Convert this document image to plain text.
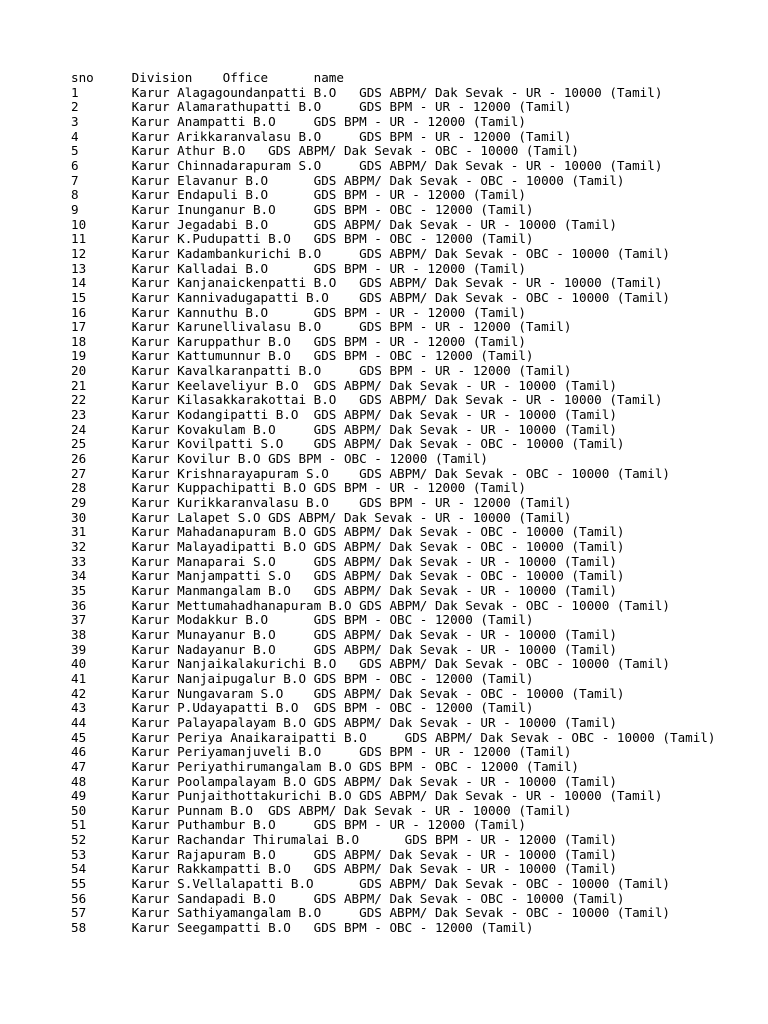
sno     Division    Office      name
1       Karur Alagagoundanpatti B.O   GDS ABPM/ Dak Sevak - UR - 10000 (Tamil)
2       Karur Alamarathupatti B.O     GDS BPM - UR - 12000 (Tamil)
3       Karur Anampatti B.O     GDS BPM - UR - 12000 (Tamil)
4       Karur Arikkaranvalasu B.O     GDS BPM - UR - 12000 (Tamil)
5       Karur Athur B.O   GDS ABPM/ Dak Sevak - OBC - 10000 (Tamil)
6       Karur Chinnadarapuram S.O     GDS ABPM/ Dak Sevak - UR - 10000 (Tamil)
7       Karur Elavanur B.O      GDS ABPM/ Dak Sevak - OBC - 10000 (Tamil)
8       Karur Endapuli B.O      GDS BPM - UR - 12000 (Tamil)
9       Karur Inunganur B.O     GDS BPM - OBC - 12000 (Tamil)
10      Karur Jegadabi B.O      GDS ABPM/ Dak Sevak - UR - 10000 (Tamil)
11      Karur K.Pudupatti B.O   GDS BPM - OBC - 12000 (Tamil)
12      Karur Kadambankurichi B.O     GDS ABPM/ Dak Sevak - OBC - 10000 (Tamil)
13      Karur Kalladai B.O      GDS BPM - UR - 12000 (Tamil)
14      Karur Kanjanaickenpatti B.O   GDS ABPM/ Dak Sevak - UR - 10000 (Tamil)
15      Karur Kannivadugapatti B.O    GDS ABPM/ Dak Sevak - OBC - 10000 (Tamil)
16      Karur Kannuthu B.O      GDS BPM - UR - 12000 (Tamil)
17      Karur Karunellivalasu B.O     GDS BPM - UR - 12000 (Tamil)
18      Karur Karuppathur B.O   GDS BPM - UR - 12000 (Tamil)
19      Karur Kattumunnur B.O   GDS BPM - OBC - 12000 (Tamil)
20      Karur Kavalkaranpatti B.O     GDS BPM - UR - 12000 (Tamil)
21      Karur Keelaveliyur B.O  GDS ABPM/ Dak Sevak - UR - 10000 (Tamil)
22      Karur Kilasakkarakottai B.O   GDS ABPM/ Dak Sevak - UR - 10000 (Tamil)
23      Karur Kodangipatti B.O  GDS ABPM/ Dak Sevak - UR - 10000 (Tamil)
24      Karur Kovakulam B.O     GDS ABPM/ Dak Sevak - UR - 10000 (Tamil)
25      Karur Kovilpatti S.O    GDS ABPM/ Dak Sevak - OBC - 10000 (Tamil)
26      Karur Kovilur B.O GDS BPM - OBC - 12000 (Tamil)
27      Karur Krishnarayapuram S.O    GDS ABPM/ Dak Sevak - OBC - 10000 (Tamil)
28      Karur Kuppachipatti B.O GDS BPM - UR - 12000 (Tamil)
29      Karur Kurikkaranvalasu B.O    GDS BPM - UR - 12000 (Tamil)
30      Karur Lalapet S.O GDS ABPM/ Dak Sevak - UR - 10000 (Tamil)
31      Karur Mahadanapuram B.O GDS ABPM/ Dak Sevak - OBC - 10000 (Tamil)
32      Karur Malayadipatti B.O GDS ABPM/ Dak Sevak - OBC - 10000 (Tamil)
33      Karur Manaparai S.O     GDS ABPM/ Dak Sevak - UR - 10000 (Tamil)
34      Karur Manjampatti S.O   GDS ABPM/ Dak Sevak - OBC - 10000 (Tamil)
35      Karur Manmangalam B.O   GDS ABPM/ Dak Sevak - UR - 10000 (Tamil)
36      Karur Mettumahadhanapuram B.O GDS ABPM/ Dak Sevak - OBC - 10000 (Tamil)
37      Karur Modakkur B.O      GDS BPM - OBC - 12000 (Tamil)
38      Karur Munayanur B.O     GDS ABPM/ Dak Sevak - UR - 10000 (Tamil)
39      Karur Nadayanur B.O     GDS ABPM/ Dak Sevak - UR - 10000 (Tamil)
40      Karur Nanjaikalakurichi B.O   GDS ABPM/ Dak Sevak - OBC - 10000 (Tamil)
41      Karur Nanjaipugalur B.O GDS BPM - OBC - 12000 (Tamil)
42      Karur Nungavaram S.O    GDS ABPM/ Dak Sevak - OBC - 10000 (Tamil)
43      Karur P.Udayapatti B.O  GDS BPM - OBC - 12000 (Tamil)
44      Karur Palayapalayam B.O GDS ABPM/ Dak Sevak - UR - 10000 (Tamil)
45      Karur Periya Anaikaraipatti B.O     GDS ABPM/ Dak Sevak - OBC - 10000 (Tamil)
46      Karur Periyamanjuveli B.O     GDS BPM - UR - 12000 (Tamil)
47      Karur Periyathirumangalam B.O GDS BPM - OBC - 12000 (Tamil)
48      Karur Poolampalayam B.O GDS ABPM/ Dak Sevak - UR - 10000 (Tamil)
49      Karur Punjaithottakurichi B.O GDS ABPM/ Dak Sevak - UR - 10000 (Tamil)
50      Karur Punnam B.O  GDS ABPM/ Dak Sevak - UR - 10000 (Tamil)
51      Karur Puthambur B.O     GDS BPM - UR - 12000 (Tamil)
52      Karur Rachandar Thirumalai B.O      GDS BPM - UR - 12000 (Tamil)
53      Karur Rajapuram B.O     GDS ABPM/ Dak Sevak - UR - 10000 (Tamil)
54      Karur Rakkampatti B.O   GDS ABPM/ Dak Sevak - UR - 10000 (Tamil)
55      Karur S.Vellalapatti B.O      GDS ABPM/ Dak Sevak - OBC - 10000 (Tamil)
56      Karur Sandapadi B.O     GDS ABPM/ Dak Sevak - OBC - 10000 (Tamil)
57      Karur Sathiyamangalam B.O     GDS ABPM/ Dak Sevak - OBC - 10000 (Tamil)
58      Karur Seegampatti B.O   GDS BPM - OBC - 12000 (Tamil)
